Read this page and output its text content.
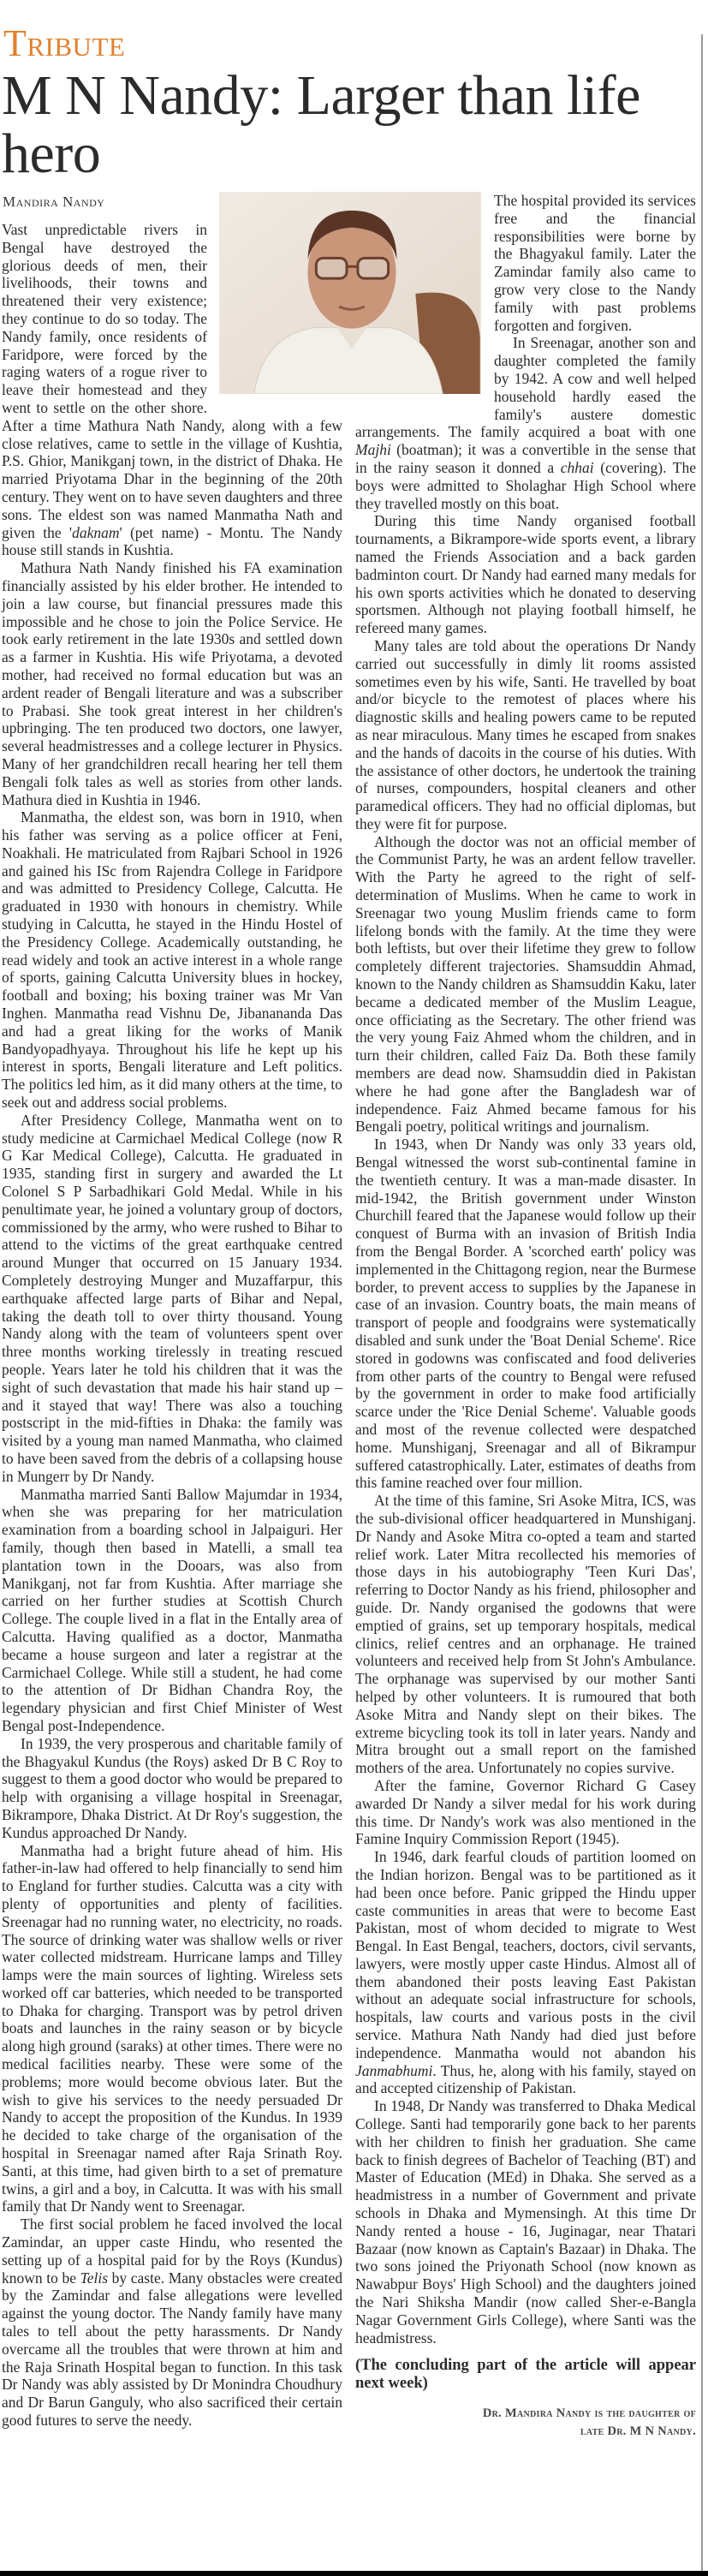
Tribute
M N Nandy: Larger than life hero
Mandira Nandy

Vast unpredictable rivers in Bengal have destroyed the glorious deeds of men, their livelihoods, their towns and threatened their very existence; they continue to do so today. The Nandy family, once residents of Faridpore, were forced by the raging waters of a rogue river to leave their homestead and they went to settle on the other shore. After a time Mathura Nath Nandy, along with a few close relatives, came to settle in the village of Kushtia, P.S. Ghior, Manikganj town, in the district of Dhaka. He married Priyotama Dhar in the beginning of the 20th century. They went on to have seven daughters and three sons. The eldest son was named Manmatha Nath and given the 'daknam' (pet name) - Montu. The Nandy house still stands in Kushtia.

Mathura Nath Nandy finished his FA examination financially assisted by his elder brother. He intended to join a law course, but financial pressures made this impossible and he chose to join the Police Service. He took early retirement in the late 1930s and settled down as a farmer in Kushtia. His wife Priyotama, a devoted mother, had received no formal education but was an ardent reader of Bengali literature and was a subscriber to Prabasi. She took great interest in her children's upbringing. The ten produced two doctors, one lawyer, several headmistresses and a college lecturer in Physics. Many of her grandchildren recall hearing her tell them Bengali folk tales as well as stories from other lands. Mathura died in Kushtia in 1946.

Manmatha, the eldest son, was born in 1910, when his father was serving as a police officer at Feni, Noakhali. He matriculated from Rajbari School in 1926 and gained his ISc from Rajendra College in Faridpore and was admitted to Presidency College, Calcutta. He graduated in 1930 with honours in chemistry. While studying in Calcutta, he stayed in the Hindu Hostel of the Presidency College. Academically outstanding, he read widely and took an active interest in a whole range of sports, gaining Calcutta University blues in hockey, football and boxing; his boxing trainer was Mr Van Inghen. Manmatha read Vishnu De, Jibanananda Das and had a great liking for the works of Manik Bandyopadhyaya. Throughout his life he kept up his interest in sports, Bengali literature and Left politics. The politics led him, as it did many others at the time, to seek out and address social problems.

After Presidency College, Manmatha went on to study medicine at Carmichael Medical College (now R G Kar Medical College), Calcutta. He graduated in 1935, standing first in surgery and awarded the Lt Colonel S P Sarbadhikari Gold Medal. While in his penultimate year, he joined a voluntary group of doctors, commissioned by the army, who were rushed to Bihar to attend to the victims of the great earthquake centred around Munger that occurred on 15 January 1934. Completely destroying Munger and Muzaffarpur, this earthquake affected large parts of Bihar and Nepal, taking the death toll to over thirty thousand. Young Nandy along with the team of volunteers spent over three months working tirelessly in treating rescued people. Years later he told his children that it was the sight of such devastation that made his hair stand up – and it stayed that way! There was also a touching postscript in the mid-fifties in Dhaka: the family was visited by a young man named Manmatha, who claimed to have been saved from the debris of a collapsing house in Mungerr by Dr Nandy.

Manmatha married Santi Ballow Majumdar in 1934, when she was preparing for her matriculation examination from a boarding school in Jalpaiguri. Her family, though then based in Matelli, a small tea plantation town in the Dooars, was also from Manikganj, not far from Kushtia. After marriage she carried on her further studies at Scottish Church College. The couple lived in a flat in the Entally area of Calcutta. Having qualified as a doctor, Manmatha became a house surgeon and later a registrar at the Carmichael College. While still a student, he had come to the attention of Dr Bidhan Chandra Roy, the legendary physician and first Chief Minister of West Bengal post-Independence.

In 1939, the very prosperous and charitable family of the Bhagyakul Kundus (the Roys) asked Dr B C Roy to suggest to them a good doctor who would be prepared to help with organising a village hospital in Sreenagar, Bikrampore, Dhaka District. At Dr Roy's suggestion, the Kundus approached Dr Nandy.

Manmatha had a bright future ahead of him. His father-in-law had offered to help financially to send him to England for further studies. Calcutta was a city with plenty of opportunities and plenty of facilities. Sreenagar had no running water, no electricity, no roads. The source of drinking water was shallow wells or river water collected midstream. Hurricane lamps and Tilley lamps were the main sources of lighting. Wireless sets worked off car batteries, which needed to be transported to Dhaka for charging. Transport was by petrol driven boats and launches in the rainy season or by bicycle along high ground (saraks) at other times. There were no medical facilities nearby. These were some of the problems; more would become obvious later. But the wish to give his services to the needy persuaded Dr Nandy to accept the proposition of the Kundus. In 1939 he decided to take charge of the organisation of the hospital in Sreenagar named after Raja Srinath Roy. Santi, at this time, had given birth to a set of premature twins, a girl and a boy, in Calcutta. It was with his small family that Dr Nandy went to Sreenagar.

The first social problem he faced involved the local Zamindar, an upper caste Hindu, who resented the setting up of a hospital paid for by the Roys (Kundus) known to be Telis by caste. Many obstacles were created by the Zamindar and false allegations were levelled against the young doctor. The Nandy family have many tales to tell about the petty harassments. Dr Nandy overcame all the troubles that were thrown at him and the Raja Srinath Hospital began to function. In this task Dr Nandy was ably assisted by Dr Monindra Choudhury and Dr Barun Ganguly, who also sacrificed their certain good futures to serve the needy.

The hospital provided its services free and the financial responsibilities were borne by the Bhagyakul family. Later the Zamindar family also came to grow very close to the Nandy family with past problems forgotten and forgiven.

In Sreenagar, another son and daughter completed the family by 1942. A cow and well helped household hardly eased the family's austere domestic arrangements. The family acquired a boat with one Majhi (boatman); it was a convertible in the sense that in the rainy season it donned a chhai (covering). The boys were admitted to Sholaghar High School where they travelled mostly on this boat.

During this time Nandy organised football tournaments, a Bikrampore-wide sports event, a library named the Friends Association and a back garden badminton court. Dr Nandy had earned many medals for his own sports activities which he donated to deserving sportsmen. Although not playing football himself, he refereed many games.

Many tales are told about the operations Dr Nandy carried out successfully in dimly lit rooms assisted sometimes even by his wife, Santi. He travelled by boat and/or bicycle to the remotest of places where his diagnostic skills and healing powers came to be reputed as near miraculous. Many times he escaped from snakes and the hands of dacoits in the course of his duties. With the assistance of other doctors, he undertook the training of nurses, compounders, hospital cleaners and other paramedical officers. They had no official diplomas, but they were fit for purpose.

Although the doctor was not an official member of the Communist Party, he was an ardent fellow traveller. With the Party he agreed to the right of self-determination of Muslims. When he came to work in Sreenagar two young Muslim friends came to form lifelong bonds with the family. At the time they were both leftists, but over their lifetime they grew to follow completely different trajectories. Shamsuddin Ahmad, known to the Nandy children as Shamsuddin Kaku, later became a dedicated member of the Muslim League, once officiating as the Secretary. The other friend was the very young Faiz Ahmed whom the children, and in turn their children, called Faiz Da. Both these family members are dead now. Shamsuddin died in Pakistan where he had gone after the Bangladesh war of independence. Faiz Ahmed became famous for his Bengali poetry, political writings and journalism.

In 1943, when Dr Nandy was only 33 years old, Bengal witnessed the worst sub-continental famine in the twentieth century. It was a man-made disaster. In mid-1942, the British government under Winston Churchill feared that the Japanese would follow up their conquest of Burma with an invasion of British India from the Bengal Border. A 'scorched earth' policy was implemented in the Chittagong region, near the Burmese border, to prevent access to supplies by the Japanese in case of an invasion. Country boats, the main means of transport of people and foodgrains were systematically disabled and sunk under the 'Boat Denial Scheme'. Rice stored in godowns was confiscated and food deliveries from other parts of the country to Bengal were refused by the government in order to make food artificially scarce under the 'Rice Denial Scheme'. Valuable goods and most of the revenue collected were despatched home. Munshiganj, Sreenagar and all of Bikrampur suffered catastrophically. Later, estimates of deaths from this famine reached over four million.

At the time of this famine, Sri Asoke Mitra, ICS, was the sub-divisional officer headquartered in Munshiganj. Dr Nandy and Asoke Mitra co-opted a team and started relief work. Later Mitra recollected his memories of those days in his autobiography 'Teen Kuri Das', referring to Doctor Nandy as his friend, philosopher and guide. Dr. Nandy organised the godowns that were emptied of grains, set up temporary hospitals, medical clinics, relief centres and an orphanage. He trained volunteers and received help from St John's Ambulance. The orphanage was supervised by our mother Santi helped by other volunteers. It is rumoured that both Asoke Mitra and Nandy slept on their bikes. The extreme bicycling took its toll in later years. Nandy and Mitra brought out a small report on the famished mothers of the area. Unfortunately no copies survive.

After the famine, Governor Richard G Casey awarded Dr Nandy a silver medal for his work during this time. Dr Nandy's work was also mentioned in the Famine Inquiry Commission Report (1945).

In 1946, dark fearful clouds of partition loomed on the Indian horizon. Bengal was to be partitioned as it had been once before. Panic gripped the Hindu upper caste communities in areas that were to become East Pakistan, most of whom decided to migrate to West Bengal. In East Bengal, teachers, doctors, civil servants, lawyers, were mostly upper caste Hindus. Almost all of them abandoned their posts leaving East Pakistan without an adequate social infrastructure for schools, hospitals, law courts and various posts in the civil service. Mathura Nath Nandy had died just before independence. Manmatha would not abandon his Janmabhumi. Thus, he, along with his family, stayed on and accepted citizenship of Pakistan.

In 1948, Dr Nandy was transferred to Dhaka Medical College. Santi had temporarily gone back to her parents with her children to finish her graduation. She came back to finish degrees of Bachelor of Teaching (BT) and Master of Education (MEd) in Dhaka. She served as a headmistress in a number of Government and private schools in Dhaka and Mymensingh. At this time Dr Nandy rented a house - 16, Juginagar, near Thatari Bazaar (now known as Captain's Bazaar) in Dhaka. The two sons joined the Priyonath School (now known as Nawabpur Boys' High School) and the daughters joined the Nari Shiksha Mandir (now called Sher-e-Bangla Nagar Government Girls College), where Santi was the headmistress.

(The concluding part of the article will appear next week)
Dr. Mandira Nandy is the daughter of
late Dr. M N Nandy.
